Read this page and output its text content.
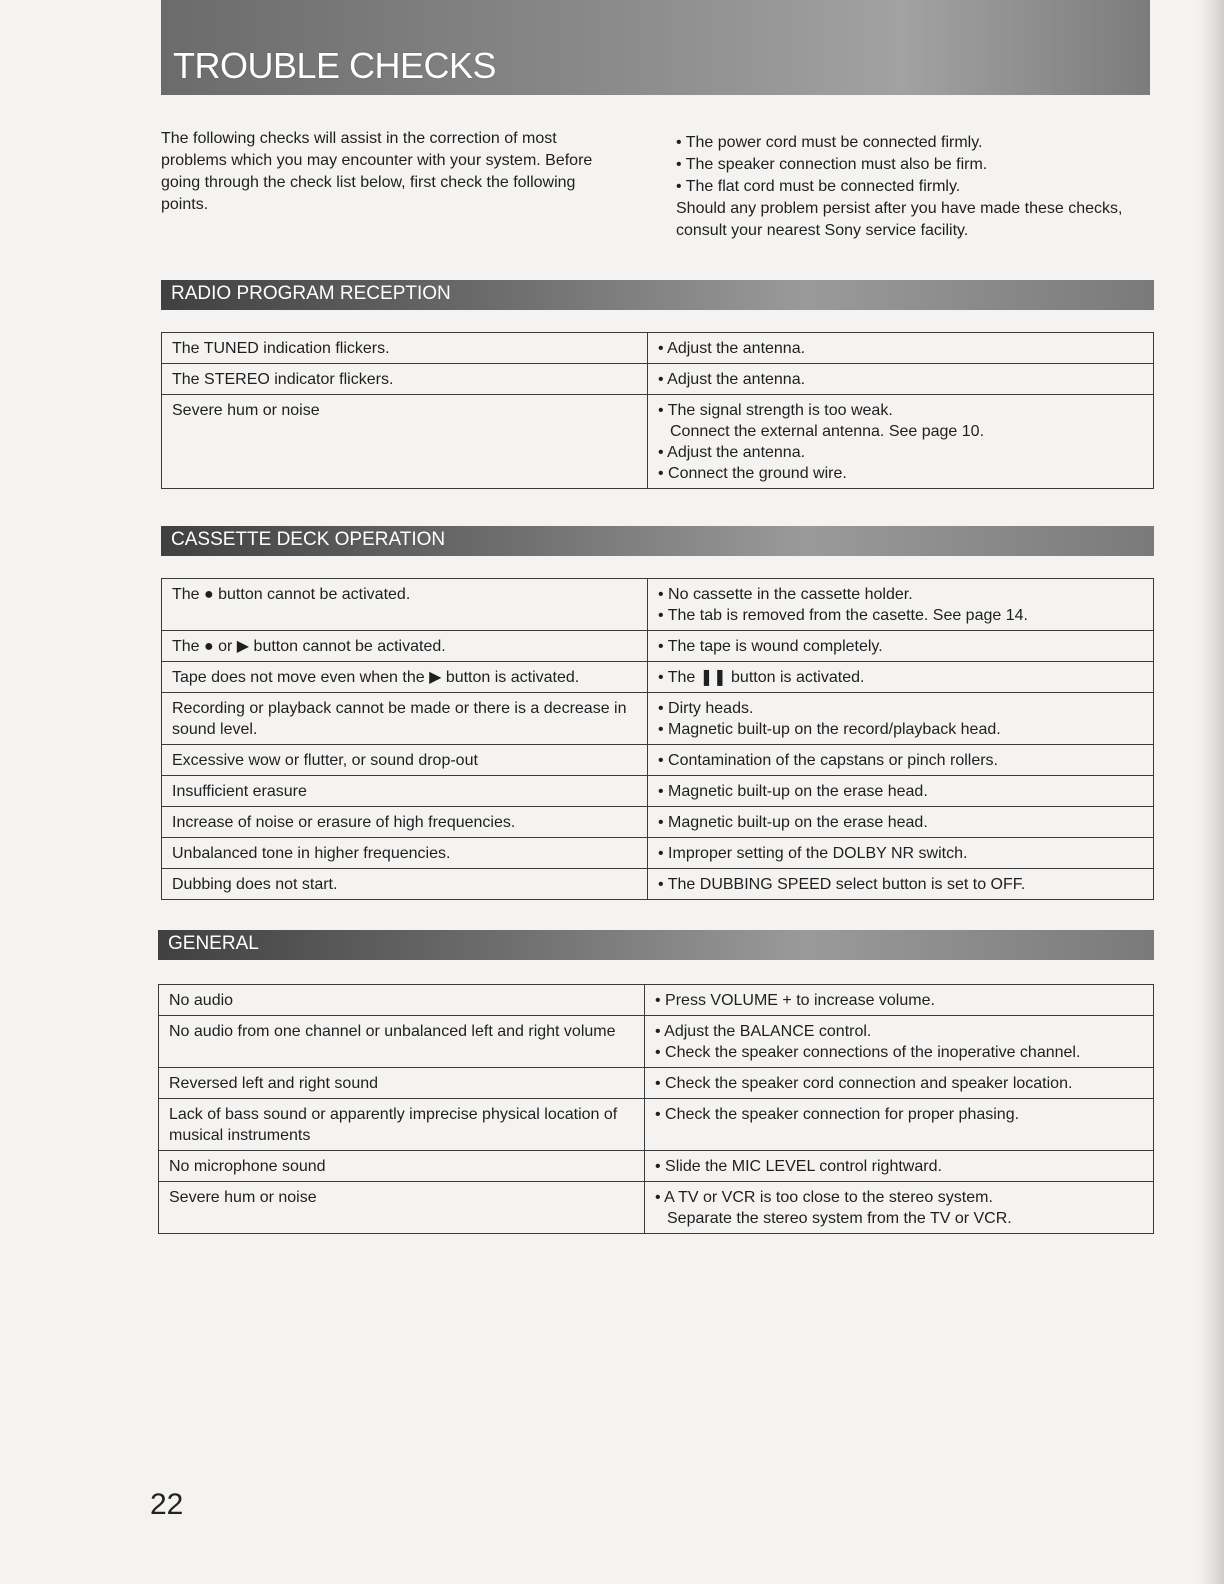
TROUBLE CHECKS
The following checks will assist in the correction of most problems which you may encounter with your system. Before going through the check list below, first check the following points.
• The power cord must be connected firmly.
• The speaker connection must also be firm.
• The flat cord must be connected firmly.
Should any problem persist after you have made these checks, consult your nearest Sony service facility.
RADIO PROGRAM RECEPTION
The TUNED indication flickers.	• Adjust the antenna.

The STEREO indicator flickers.	• Adjust the antenna.

Severe hum or noise	• The signal strength is too weak.
Connect the external antenna. See page 10.
• Adjust the antenna.
• Connect the ground wire.
CASSETTE DECK OPERATION
The ● button cannot be activated.	• No cassette in the cassette holder.
• The tab is removed from the casette. See page 14.

The ● or ▶ button cannot be activated.	• The tape is wound completely.

Tape does not move even when the ▶ button is activated.	• The ❚❚ button is activated.

Recording or playback cannot be made or there is a decrease in sound level.	• Dirty heads.
• Magnetic built-up on the record/playback head.

Excessive wow or flutter, or sound drop-out	• Contamination of the capstans or pinch rollers.

Insufficient erasure	• Magnetic built-up on the erase head.

Increase of noise or erasure of high frequencies.	• Magnetic built-up on the erase head.

Unbalanced tone in higher frequencies.	• Improper setting of the DOLBY NR switch.

Dubbing does not start.	• The DUBBING SPEED select button is set to OFF.
GENERAL
No audio	• Press VOLUME + to increase volume.

No audio from one channel or unbalanced left and right volume	• Adjust the BALANCE control.
• Check the speaker connections of the inoperative channel.

Reversed left and right sound	• Check the speaker cord connection and speaker location.

Lack of bass sound or apparently imprecise physical location of musical instruments	• Check the speaker connection for proper phasing.

No microphone sound	• Slide the MIC LEVEL control rightward.

Severe hum or noise	• A TV or VCR is too close to the stereo system.
Separate the stereo system from the TV or VCR.
22
